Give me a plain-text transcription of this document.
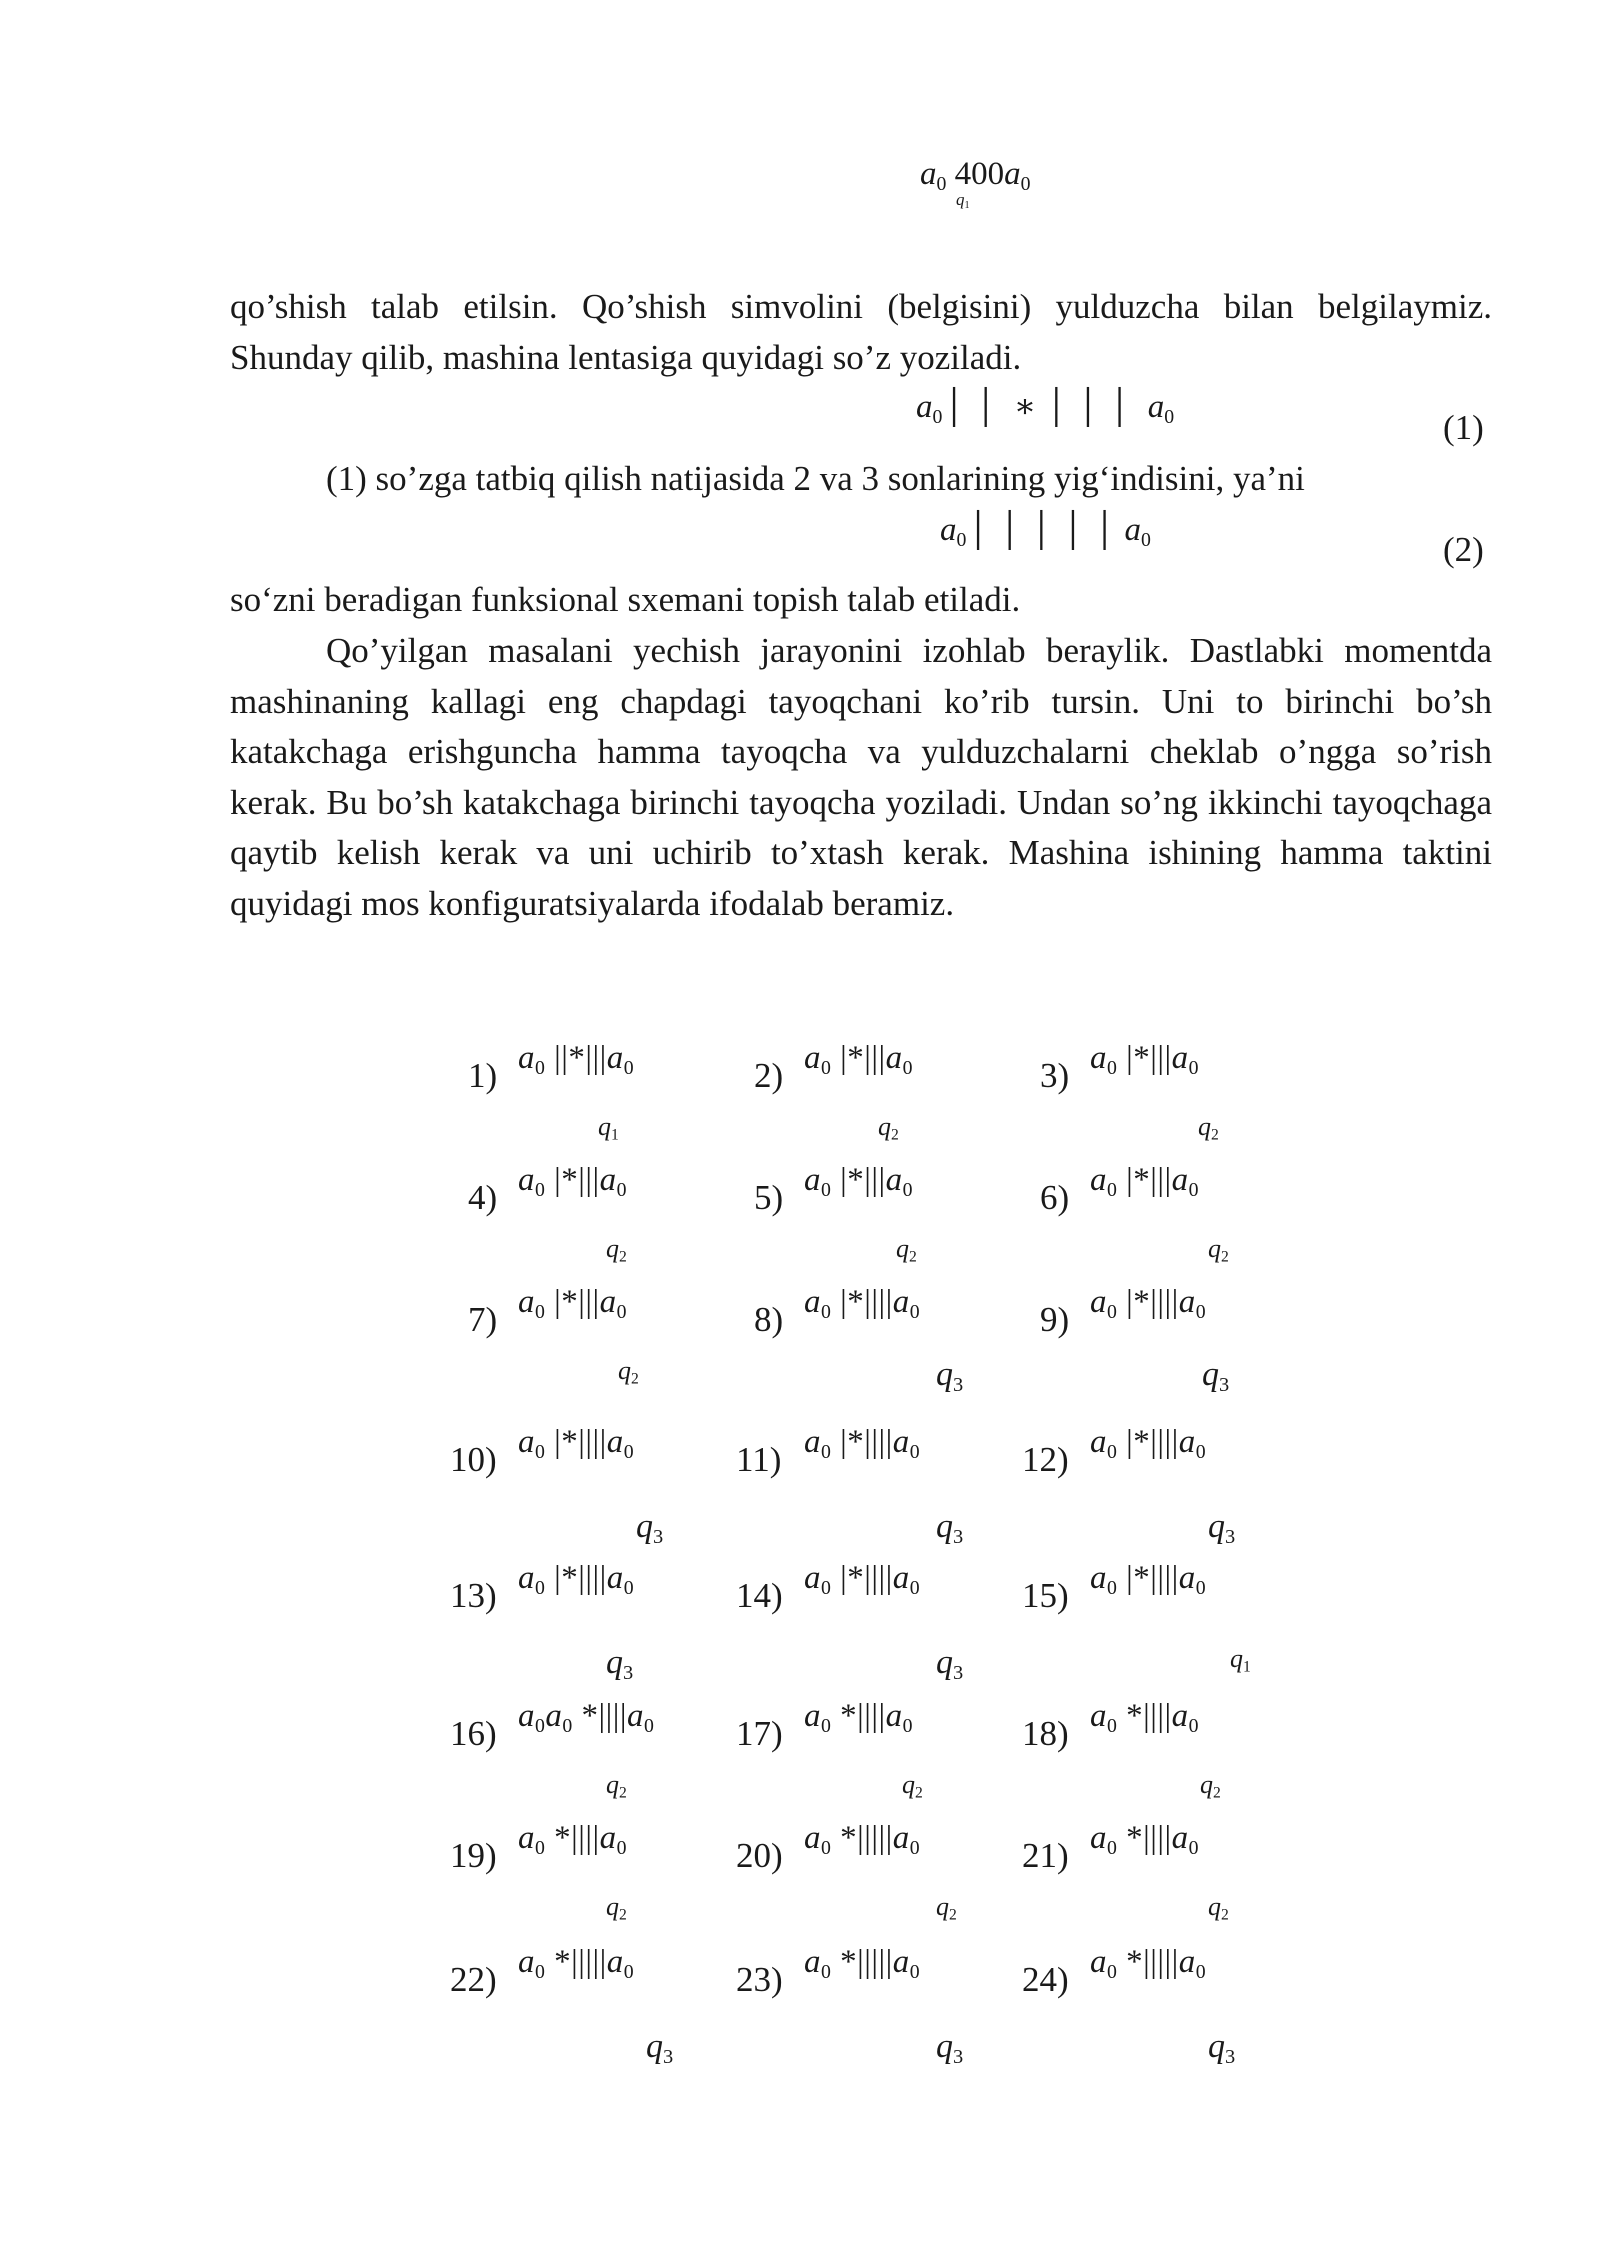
$a_0$ $400a_0$
$q_1$

qo’shish talab etilsin. Qo’shish simvolini (belgisini) yulduzcha bilan belgilaymiz. Shunday qilib, mashina lentasiga quyidagi so’z yoziladi.

$a_0│$ │  ∗ │ │ │  $a_0$	(1)
(1) so’zga tatbiq qilish natijasida 2 va 3 sonlarining yig‘indisini, ya’ni
$a_0│$ │ │ │ │ $a_0$	(2)
so‘zni beradigan funksional sxemani topish talab etiladi.

Qo’yilgan masalani yechish jarayonini izohlab beraylik. Dastlabki momentda mashinaning kallagi eng chapdagi tayoqchani ko’rib tursin. Uni to birinchi bo’sh katakchaga erishguncha hamma tayoqcha va yulduzchalarni cheklab o’ngga so’rish kerak. Bu bo’sh katakchaga birinchi tayoqcha yoziladi. Undan so’ng ikkinchi tayoqchaga qaytib kelish kerak va uni uchirib to’xtash kerak. Mashina ishining hamma taktini quyidagi mos konfiguratsiyalarda ifodalab beramiz.

1) $a_0$ $||*|||a_0$
$q_1$
2) $a_0$ $|*|||a_0$
$q_2$
3) $a_0$ $|*|||a_0$
$q_2$
4) $a_0$ $|*|||a_0$
$q_2$
5) $a_0$ $|*|||a_0$
$q_2$
6) $a_0$ $|*|||a_0$
$q_2$
7) $a_0$ $|*|||a_0$
$q_2$
8) $a_0$ $|*||||a_0$
$q_3$
9) $a_0$ $|*||||a_0$
$q_3$
10) $a_0$ $|*||||a_0$
$q_3$
11) $a_0$ $|*||||a_0$
$q_3$
12) $a_0$ $|*||||a_0$
$q_3$
13) $a_0$ $|*||||a_0$
$q_3$
14) $a_0$ $|*||||a_0$
$q_3$
15) $a_0$ $|*||||a_0$
$q_1$
16) $a_0a_0$ $*||||a_0$
$q_2$
17) $a_0$ $*||||a_0$
$q_2$
18) $a_0$ $*||||a_0$
$q_2$
19) $a_0$ $*||||a_0$
$q_2$
20) $a_0$ $*|||||a_0$
$q_2$
21) $a_0$ $*||||a_0$
$q_2$
22) $a_0$ $*|||||a_0$
$q_3$
23) $a_0$ $*|||||a_0$
$q_3$
24) $a_0$ $*|||||a_0$
$q_3$
